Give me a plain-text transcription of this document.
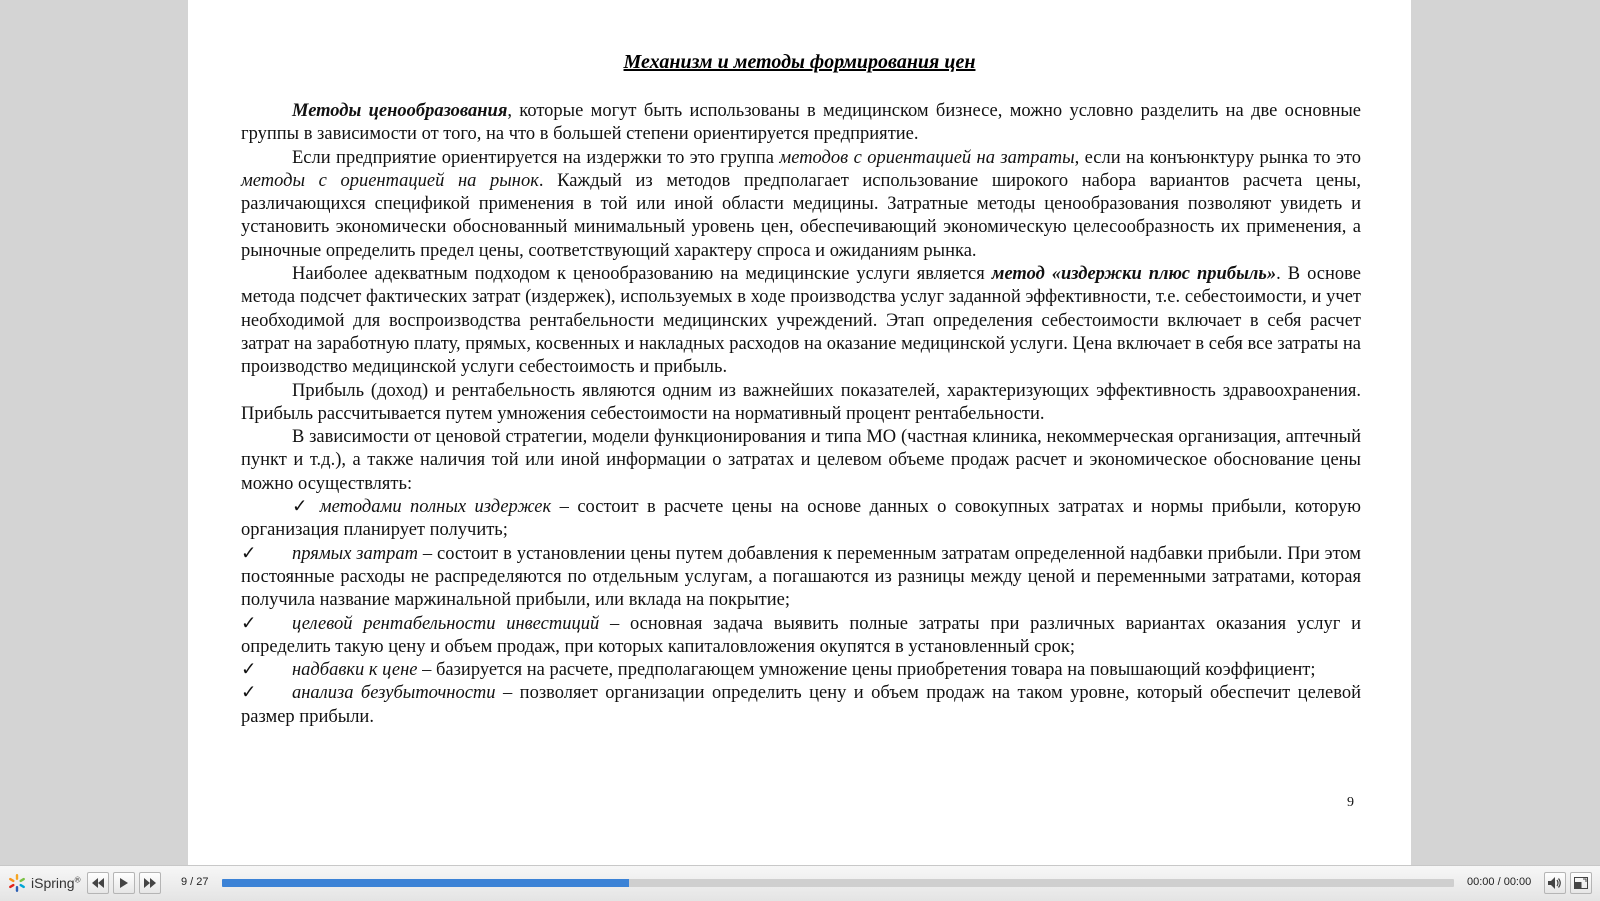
Механизм и методы формирования цен

Методы ценообразования, которые могут быть использованы в медицинском бизнесе, можно условно разделить на две основные группы в зависимости от того, на что в большей степени ориентируется предприятие.

Если предприятие ориентируется на издержки то это группа методов с ориентацией на затраты, если на конъюнктуру рынка то это методы с ориентацией на рынок. Каждый из методов предполагает использование широкого набора вариантов расчета цены, различающихся спецификой применения в той или иной области медицины. Затратные методы ценообразования позволяют увидеть и установить экономически обоснованный минимальный уровень цен, обеспечивающий экономическую целесообразность их применения, а рыночные определить предел цены, соответствующий характеру спроса и ожиданиям рынка.

Наиболее адекватным подходом к ценообразованию на медицинские услуги является метод «издержки плюс прибыль». В основе метода подсчет фактических затрат (издержек), используемых в ходе производства услуг заданной эффективности, т.е. себестоимости, и учет необходимой для воспроизводства рентабельности медицинских учреждений. Этап определения себестоимости включает в себя расчет затрат на заработную плату, прямых, косвенных и накладных расходов на оказание медицинской услуги. Цена включает в себя все затраты на производство медицинской услуги себестоимость и прибыль.

Прибыль (доход) и рентабельность являются одним из важнейших показателей, характеризующих эффективность здравоохранения. Прибыль рассчитывается путем умножения себестоимости на нормативный процент рентабельности.

В зависимости от ценовой стратегии, модели функционирования и типа МО (частная клиника, некоммерческая организация, аптечный пункт и т.д.), а также наличия той или иной информации о затратах и целевом объеме продаж расчет и экономическое обоснование цены можно осуществлять:

✓ методами полных издержек – состоит в расчете цены на основе данных о совокупных затратах и нормы прибыли, которую организация планирует получить;

✓ прямых затрат – состоит в установлении цены путем добавления к переменным затратам определенной надбавки прибыли. При этом постоянные расходы не распределяются по отдельным услугам, а погашаются из разницы между ценой и переменными затратами, которая получила название маржинальной прибыли, или вклада на покрытие;

✓ целевой рентабельности инвестиций – основная задача выявить полные затраты при различных вариантах оказания услуг и определить такую цену и объем продаж, при которых капиталовложения окупятся в установленный срок;

✓ надбавки к цене – базируется на расчете, предполагающем умножение цены приобретения товара на повышающий коэффициент;

✓ анализа безубыточности – позволяет организации определить цену и объем продаж на таком уровне, который обеспечит целевой размер прибыли.

9
iSpring®	9 / 27	00:00 / 00:00
